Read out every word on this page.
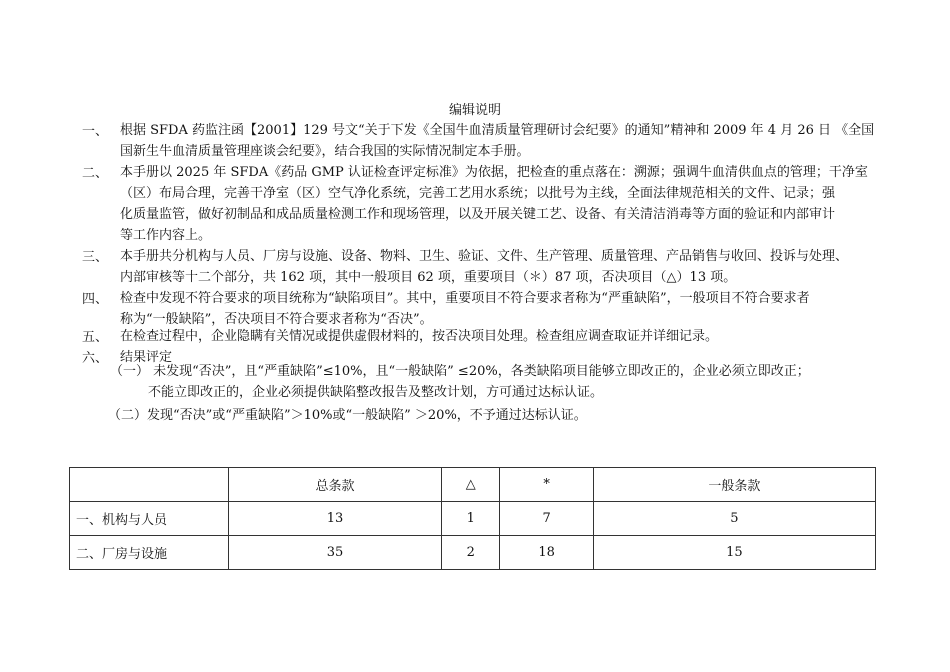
编辑说明
一、 根据 SFDA 药监注函【2001】129 号文“关于下发《全国牛血清质量管理研讨会纪要》的通知”精神和 2009 年 4 月 26 日 《全国
国新生牛血清质量管理座谈会纪要》，结合我国的实际情况制定本手册。
二、 本手册以 2025 年 SFDA《药品 GMP 认证检查评定标准》为依据，把检查的重点落在：溯源；强调牛血清供血点的管理；干净室
（区）布局合理，完善干净室（区）空气净化系统，完善工艺用水系统；以批号为主线，全面法律规范相关的文件、记录；强
化质量监管，做好初制品和成品质量检测工作和现场管理，以及开展关键工艺、设备、有关清洁消毒等方面的验证和内部审计
等工作内容上。
三、 本手册共分机构与人员、厂房与设施、设备、物料、卫生、验证、文件、生产管理、质量管理、产品销售与收回、投诉与处理、
内部审核等十二个部分，共 162 项，其中一般项目 62 项，重要项目（＊）87 项，否决项目（△）13 项。
四、 检查中发现不符合要求的项目统称为“缺陷项目”。其中，重要项目不符合要求者称为“严重缺陷”，一般项目不符合要求者
称为“一般缺陷”，否决项目不符合要求者称为“否决”。
五、 在检查过程中，企业隐瞒有关情况或提供虚假材料的，按否决项目处理。检查组应调查取证并详细记录。
六、 结果评定
（一） 未发现“否决”，且“严重缺陷”≤10%，且“一般缺陷” ≤20%，各类缺陷项目能够立即改正的，企业必须立即改正；
不能立即改正的，企业必须提供缺陷整改报告及整改计划，方可通过达标认证。
（二）发现“否决”或“严重缺陷”＞10%或“一般缺陷” ＞20%，不予通过达标认证。
	总条款	△	*	一般条款
一、机构与人员	13	1	7	5
二、厂房与设施	35	2	18	15
